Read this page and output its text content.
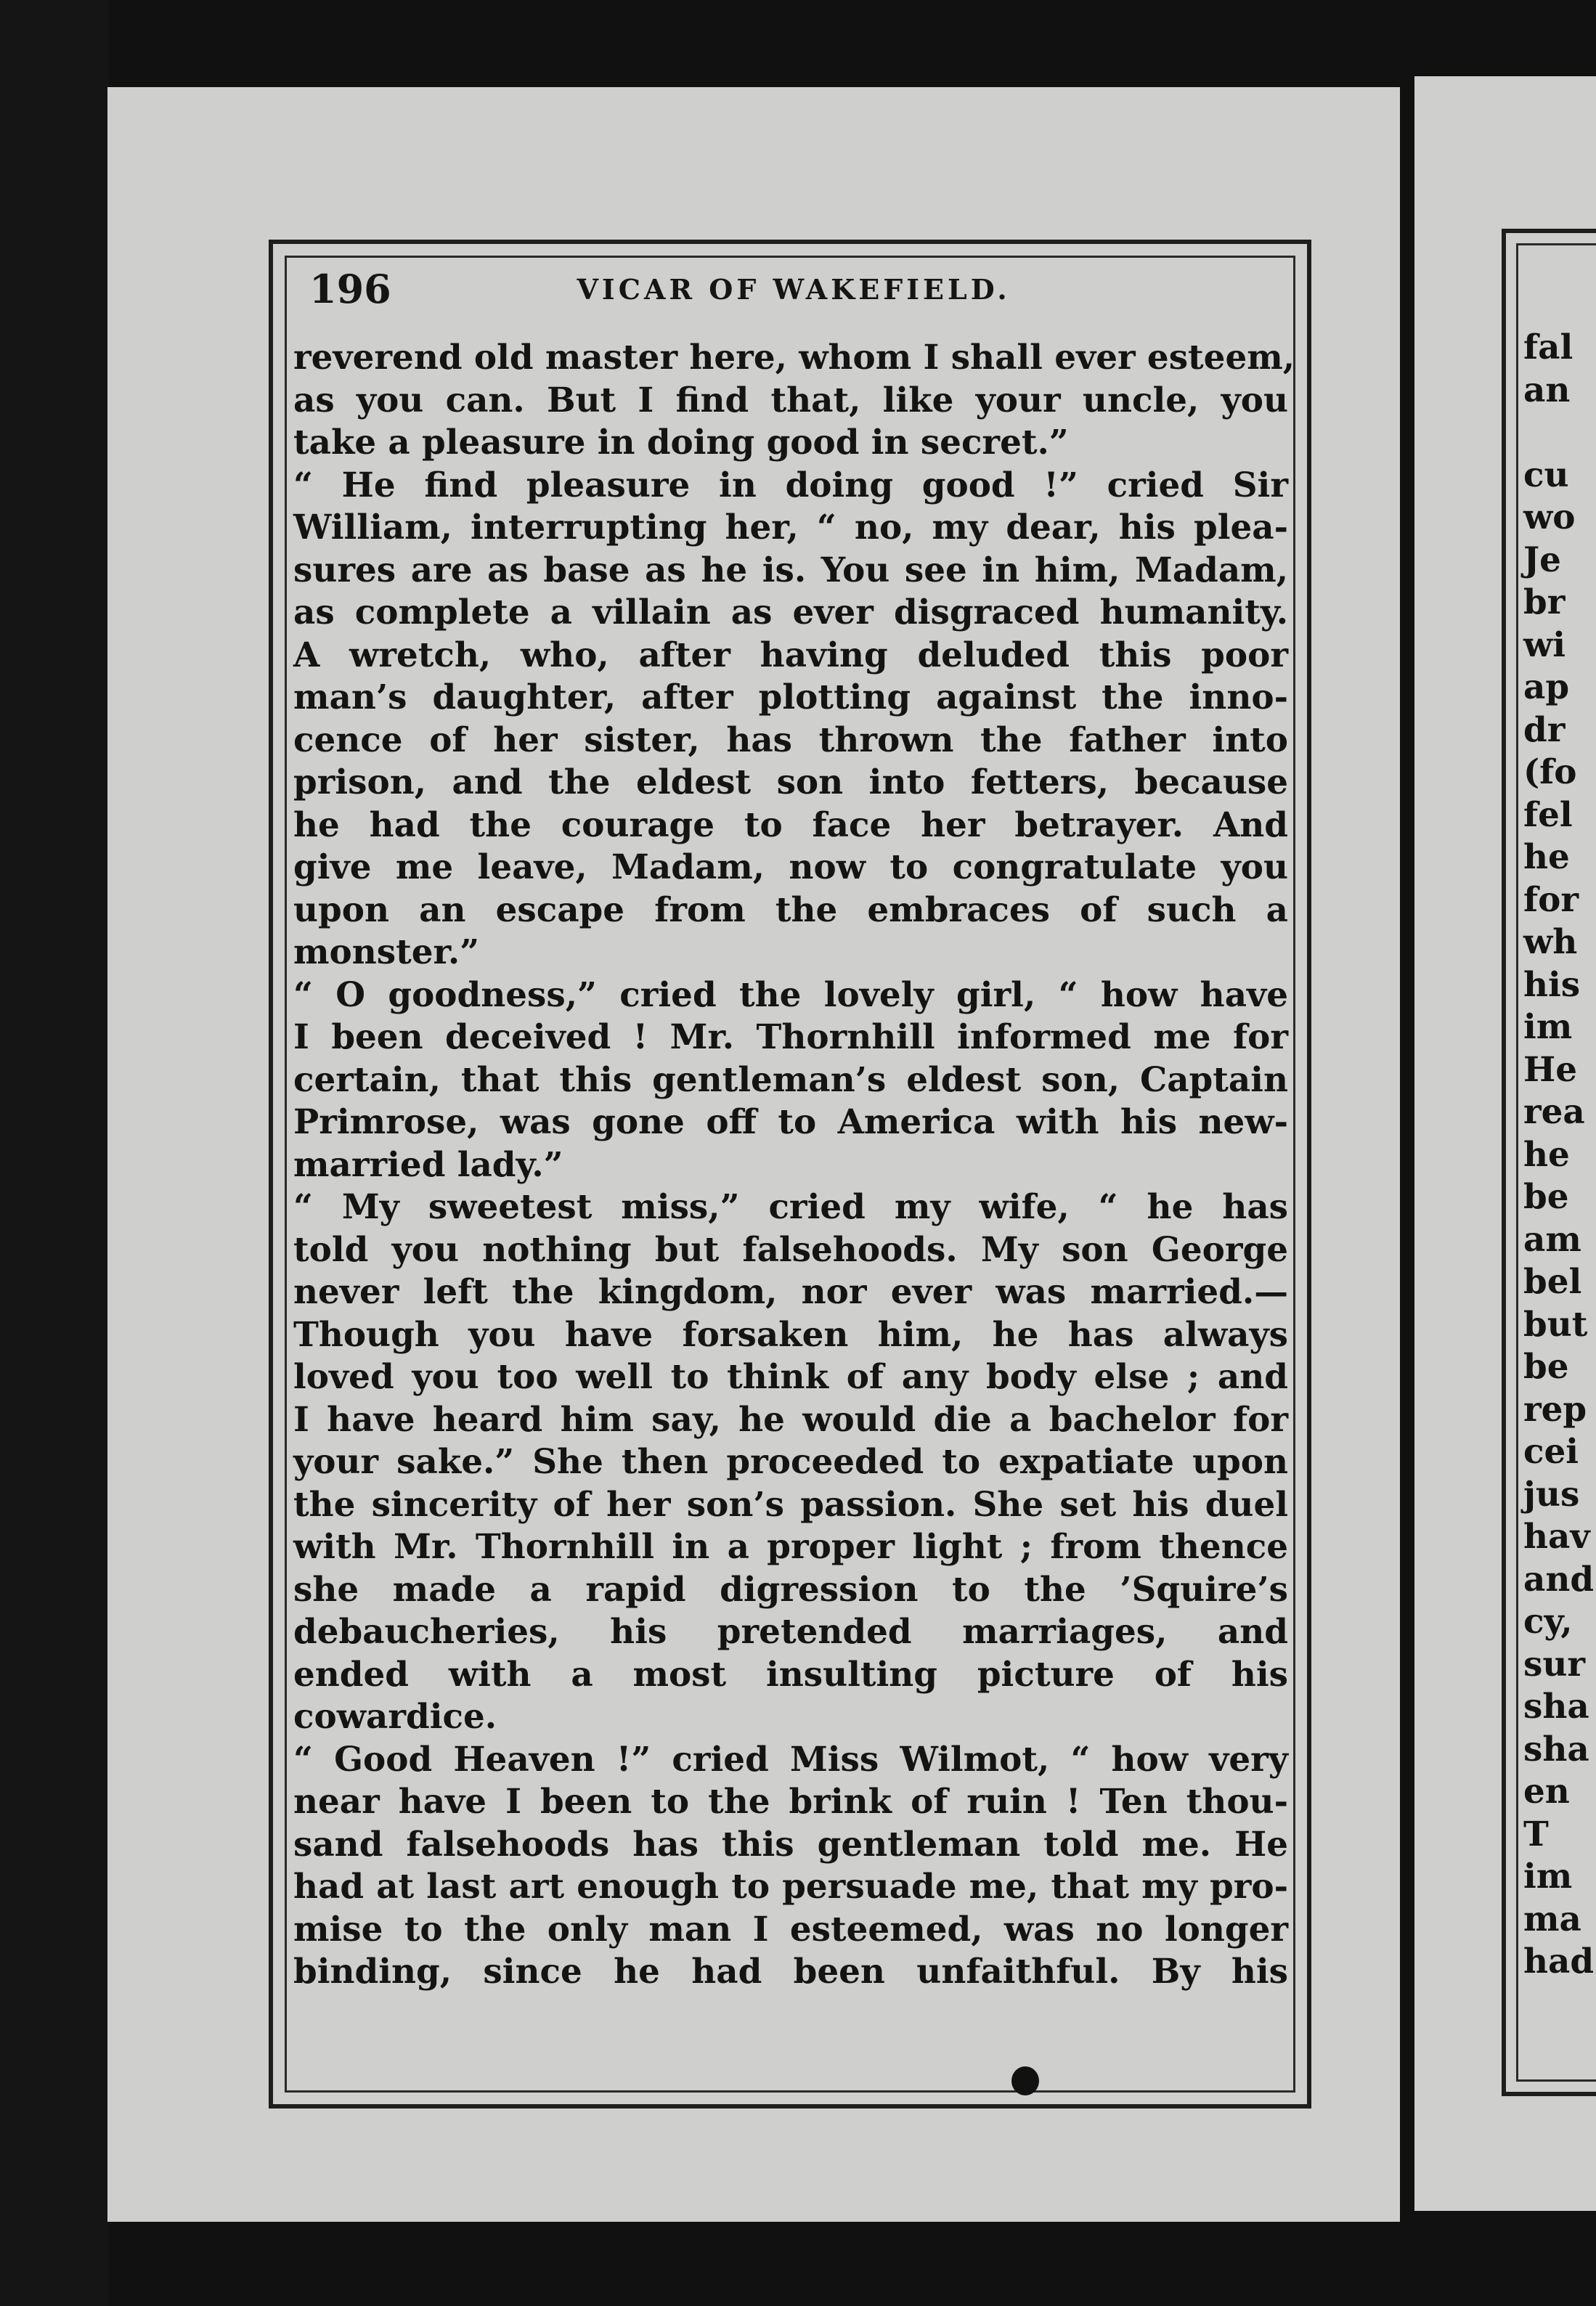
196	VICAR OF WAKEFIELD.
reverend old master here, whom I shall ever esteem,
as you can. But I find that, like your uncle, you
take a pleasure in doing good in secret.”
“ He find pleasure in doing good !” cried Sir
William, interrupting her, “ no, my dear, his plea-
sures are as base as he is. You see in him, Madam,
as complete a villain as ever disgraced humanity.
A wretch, who, after having deluded this poor
man’s daughter, after plotting against the inno-
cence of her sister, has thrown the father into
prison, and the eldest son into fetters, because
he had the courage to face her betrayer. And
give me leave, Madam, now to congratulate you
upon an escape from the embraces of such a
monster.”
“ O goodness,” cried the lovely girl, “ how have
I been deceived ! Mr. Thornhill informed me for
certain, that this gentleman’s eldest son, Captain
Primrose, was gone off to America with his new-
married lady.”
“ My sweetest miss,” cried my wife, “ he has
told you nothing but falsehoods. My son George
never left the kingdom, nor ever was married.—
Though you have forsaken him, he has always
loved you too well to think of any body else ; and
I have heard him say, he would die a bachelor for
your sake.” She then proceeded to expatiate upon
the sincerity of her son’s passion. She set his duel
with Mr. Thornhill in a proper light ; from thence
she made a rapid digression to the ’Squire’s
debaucheries, his pretended marriages, and
ended with a most insulting picture of his
cowardice.
“ Good Heaven !” cried Miss Wilmot, “ how very
near have I been to the brink of ruin ! Ten thou-
sand falsehoods has this gentleman told me. He
had at last art enough to persuade me, that my pro-
mise to the only man I esteemed, was no longer
binding, since he had been unfaithful. By his
fal
an

cu
wo
Je
br
wi
ap
dr
(fo
fel
he
for
wh
his
im
He
rea
he
be
am
bel
but
be
rep
cei
jus
hav
and
cy,
sur
sha
sha
en
T
im
ma
had
